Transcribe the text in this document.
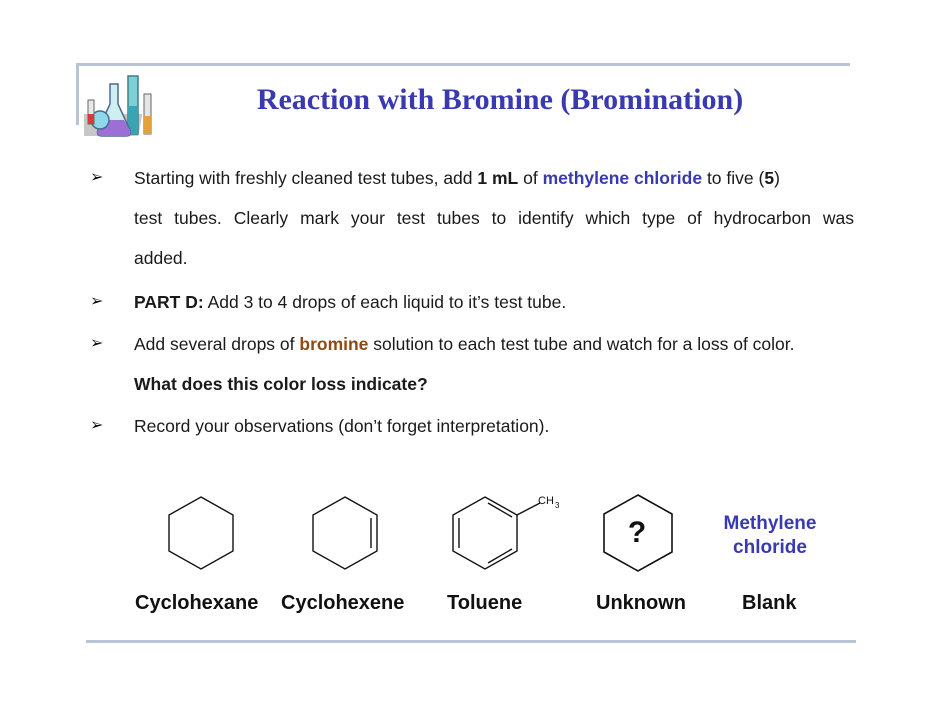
Reaction with Bromine (Bromination)
➢ Starting with freshly cleaned test tubes, add 1 mL of methylene chloride to five (5)
test tubes. Clearly mark your test tubes to identify which type of hydrocarbon was
added.
➢ PART D: Add 3 to 4 drops of each liquid to it’s test tube.
➢ Add several drops of bromine solution to each test tube and watch for a loss of color.
What does this color loss indicate?
➢ Record your observations (don’t forget interpretation).
CH 3
?	Methylene
chloride
Cyclohexane Cyclohexene Toluene	Unknown	Blank
